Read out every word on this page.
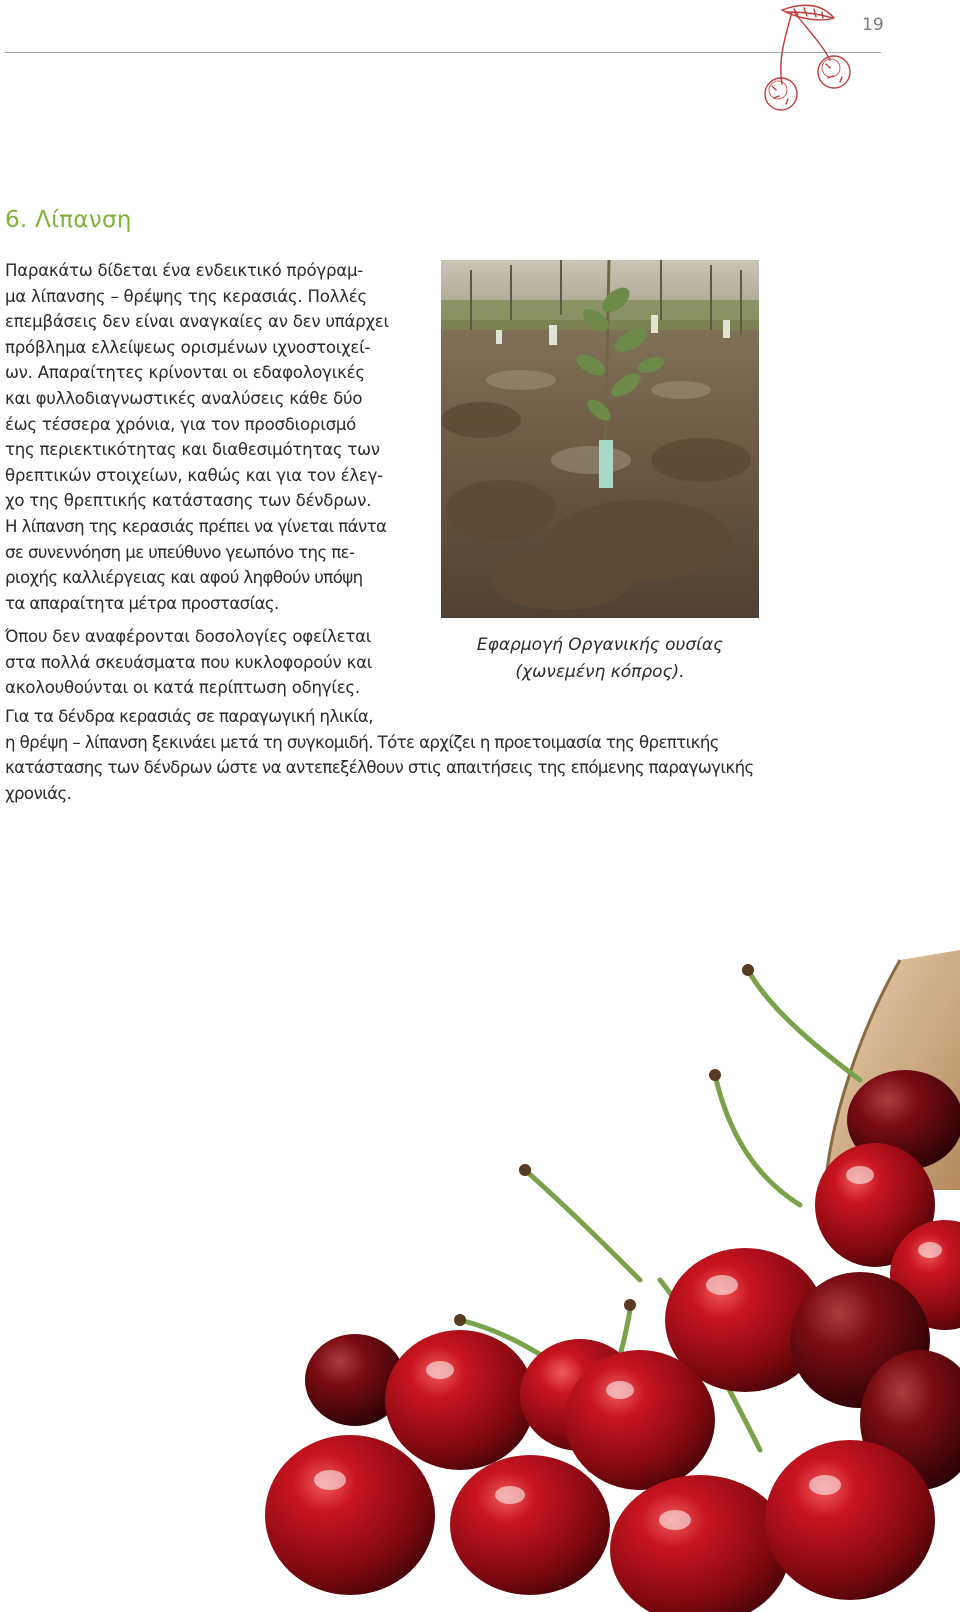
19
6. Λίπανση
Παρακάτω δίδεται ένα ενδεικτικό πρόγραμ-
μα λίπανσης – θρέψης της κερασιάς. Πολλές
επεμβάσεις δεν είναι αναγκαίες αν δεν υπάρχει
πρόβλημα ελλείψεως ορισμένων ιχνοστοιχεί-
ων. Απαραίτητες κρίνονται οι εδαφολογικές
και φυλλοδιαγνωστικές αναλύσεις κάθε δύο
έως τέσσερα χρόνια, για τον προσδιορισμό
της περιεκτικότητας και διαθεσιμότητας των
θρεπτικών στοιχείων, καθώς και για τον έλεγ-
χο της θρεπτικής κατάστασης των δένδρων.
Η λίπανση της κερασιάς πρέπει να γίνεται πάντα
σε συνεννόηση με υπεύθυνο γεωπόνο της πε-
ριοχής καλλιέργειας και αφού ληφθούν υπόψη
τα απαραίτητα μέτρα προστασίας.
Όπου δεν αναφέρονται δοσολογίες οφείλεται
στα πολλά σκευάσματα που κυκλοφορούν και
ακολουθούνται οι κατά περίπτωση οδηγίες.
Για τα δένδρα κερασιάς σε παραγωγική ηλικία,
η θρέψη – λίπανση ξεκινάει μετά τη συγκομιδή. Τότε αρχίζει η προετοιμασία της θρεπτικής
κατάστασης των δένδρων ώστε να αντεπεξέλθουν στις απαιτήσεις της επόμενης παραγωγικής
χρονιάς.
Εφαρμογή Οργανικής ουσίας
(χωνεμένη κόπρος).
